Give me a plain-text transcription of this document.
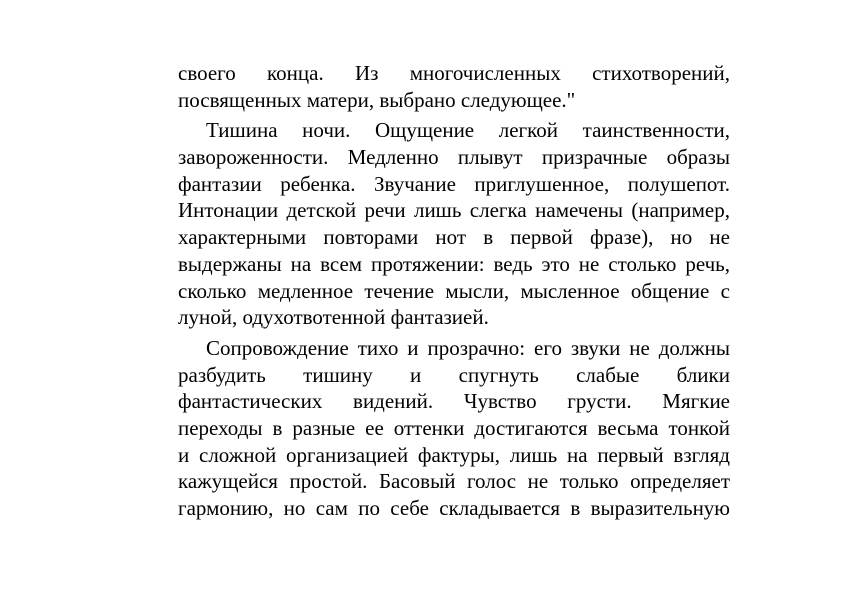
своего конца. Из многочисленных стихотворений,
посвященных матери, выбрано следующее."
Тишина ночи. Ощущение легкой таинственности,
завороженности. Медленно плывут призрачные образы
фантазии ребенка. Звучание приглушенное, полушепот.
Интонации детской речи лишь слегка намечены (например,
характерными повторами нот в первой фразе), но не
выдержаны на всем протяжении: ведь это не столько речь,
сколько медленное течение мысли, мысленное общение с
луной, одухотвотенной фантазией.
Сопровождение тихо и прозрачно: его звуки не должны
разбудить тишину и спугнуть слабые блики
фантастических видений. Чувство грусти. Мягкие
переходы в разные ее оттенки достигаются весьма тонкой
и сложной организацией фактуры, лишь на первый взгляд
кажущейся простой. Басовый голос не только определяет
гармонию, но сам по себе складывается в выразительную
